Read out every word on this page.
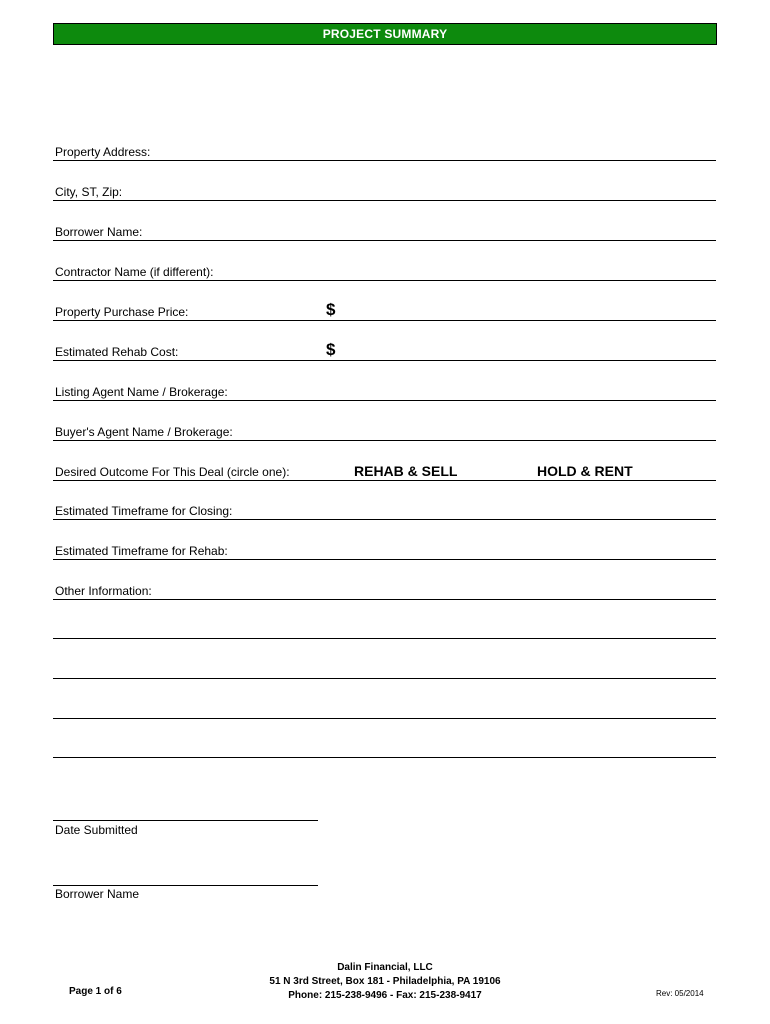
PROJECT SUMMARY
Property Address:
City, ST, Zip:
Borrower Name:
Contractor Name (if different):
Property Purchase Price:	$
Estimated Rehab Cost:	$
Listing Agent Name / Brokerage:
Buyer's Agent Name / Brokerage:
Desired Outcome For This Deal (circle one):	REHAB & SELL	HOLD & RENT
Estimated Timeframe for Closing:
Estimated Timeframe for Rehab:
Other Information:
Date Submitted
Borrower Name
Dalin Financial, LLC
51 N 3rd Street, Box 181 - Philadelphia, PA 19106
Phone: 215-238-9496 - Fax: 215-238-9417
Page 1 of 6	Rev: 05/2014
